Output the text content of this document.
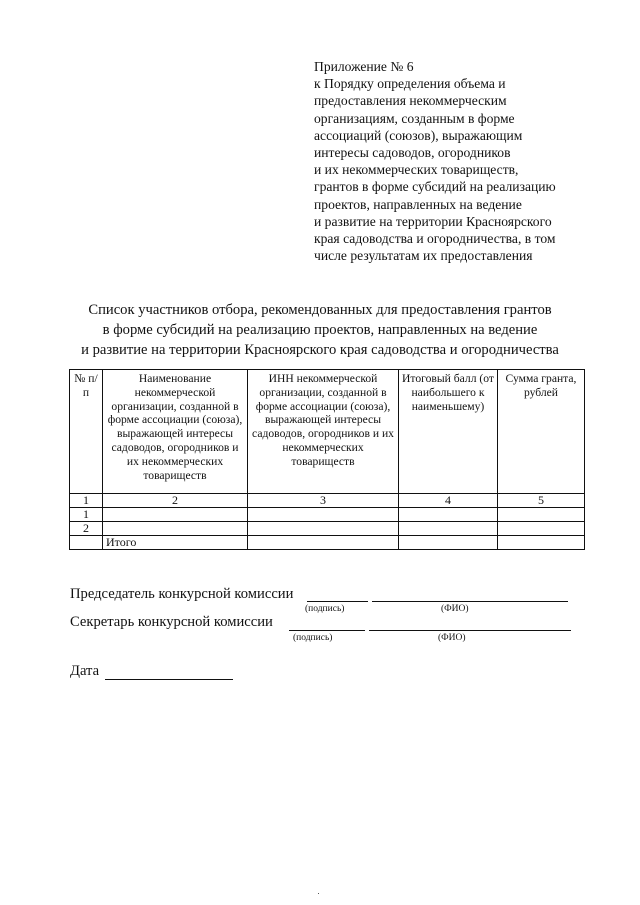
Приложение № 6
к Порядку определения объема и
предоставления некоммерческим
организациям, созданным в форме
ассоциаций (союзов), выражающим
интересы садоводов, огородников
и их некоммерческих товариществ,
грантов в форме субсидий на реализацию
проектов, направленных на ведение
и развитие на территории Красноярского
края садоводства и огородничества, в том
числе результатам их предоставления
Список участников отбора, рекомендованных для предоставления грантов
в форме субсидий на реализацию проектов, направленных на ведение
и развитие на территории Красноярского края садоводства и огородничества
№ п/п	Наименование некоммерческой организации, созданной в форме ассоциации (союза), выражающей интересы садоводов, огородников и их некоммерческих товариществ	ИНН некоммерческой организации, созданной в форме ассоциации (союза), выражающей интересы садоводов, огородников и их некоммерческих товариществ	Итоговый балл (от наибольшего к наименьшему)	Сумма гранта, рублей
1	2	3	4	5
1				
2				
	Итого			
Председатель конкурсной комиссии
(подпись)	(ФИО)
Секретарь конкурсной комиссии
(подпись)	(ФИО)
Дата
